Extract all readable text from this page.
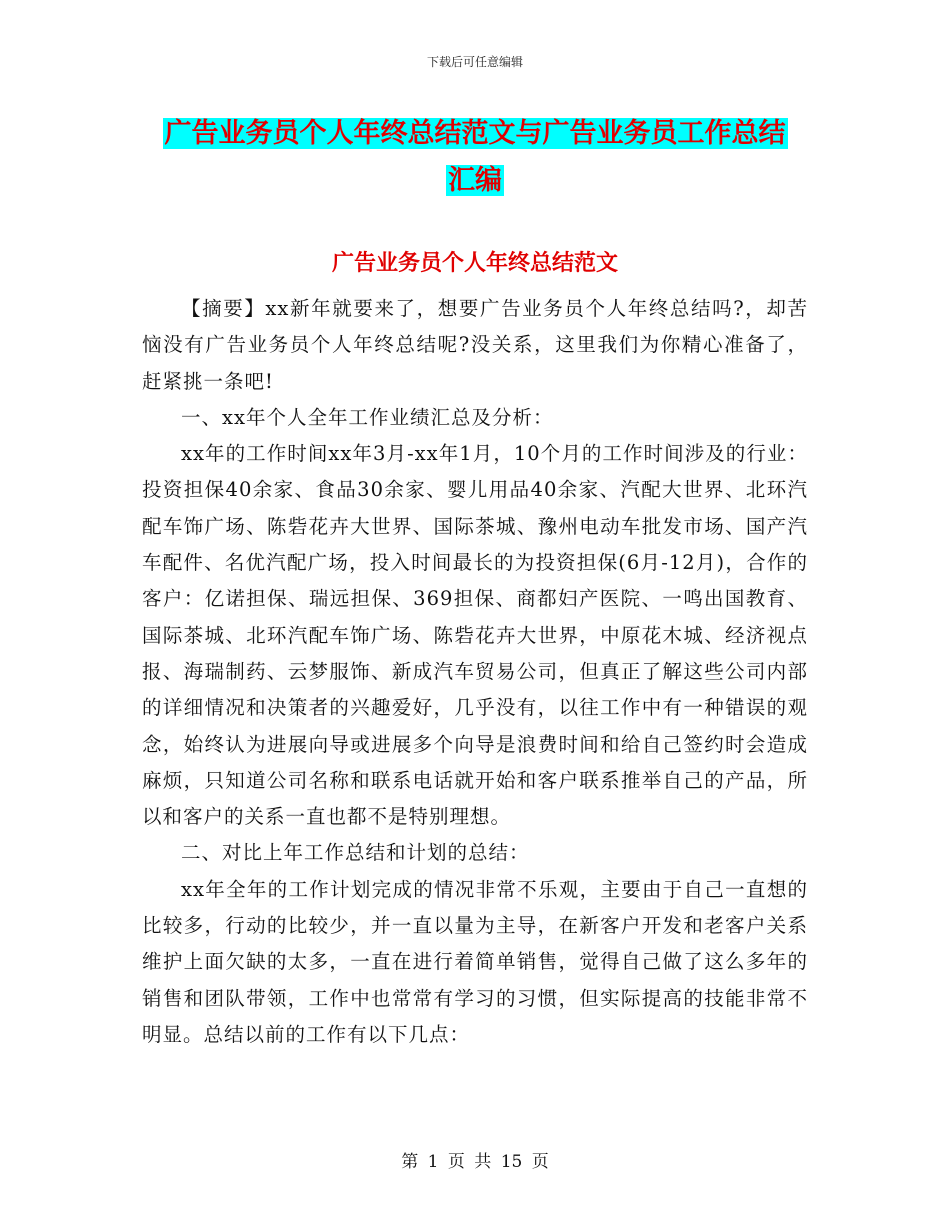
下载后可任意编辑
广告业务员个人年终总结范文与广告业务员工作总结
汇编
广告业务员个人年终总结范文

【摘要】xx新年就要来了，想要广告业务员个人年终总结吗?，却苦恼没有广告业务员个人年终总结呢?没关系，这里我们为你精心准备了，赶紧挑一条吧!

一、xx年个人全年工作业绩汇总及分析：

xx年的工作时间xx年3月-xx年1月，10个月的工作时间涉及的行业：投资担保40余家、食品30余家、婴儿用品40余家、汽配大世界、北环汽配车饰广场、陈砦花卉大世界、国际茶城、豫州电动车批发市场、国产汽车配件、名优汽配广场，投入时间最长的为投资担保(6月-12月)，合作的客户：亿诺担保、瑞远担保、369担保、商都妇产医院、一鸣出国教育、国际茶城、北环汽配车饰广场、陈砦花卉大世界，中原花木城、经济视点报、海瑞制药、云梦服饰、新成汽车贸易公司，但真正了解这些公司内部的详细情况和决策者的兴趣爱好，几乎没有，以往工作中有一种错误的观念，始终认为进展向导或进展多个向导是浪费时间和给自己签约时会造成麻烦，只知道公司名称和联系电话就开始和客户联系推举自己的产品，所以和客户的关系一直也都不是特别理想。

二、对比上年工作总结和计划的总结：

xx年全年的工作计划完成的情况非常不乐观，主要由于自己一直想的比较多，行动的比较少，并一直以量为主导，在新客户开发和老客户关系维护上面欠缺的太多，一直在进行着简单销售，觉得自己做了这么多年的销售和团队带领，工作中也常常有学习的习惯，但实际提高的技能非常不明显。总结以前的工作有以下几点：

第 1 页 共 15 页
